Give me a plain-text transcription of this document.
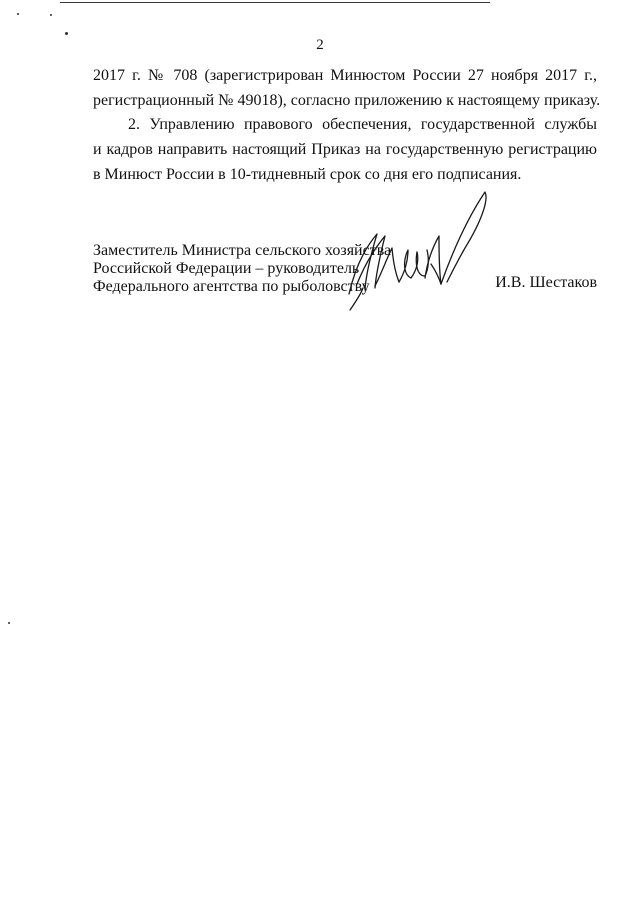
2
2017 г. № 708 (зарегистрирован Минюстом России 27 ноября 2017 г.,
регистрационный № 49018), согласно приложению к настоящему приказу.
2. Управлению правового обеспечения, государственной службы
и кадров направить настоящий Приказ на государственную регистрацию
в Минюст России в 10-тидневный срок со дня его подписания.
Заместитель Министра сельского хозяйства
Российской Федерации – руководитель
Федерального агентства по рыболовству	И.В. Шестаков
